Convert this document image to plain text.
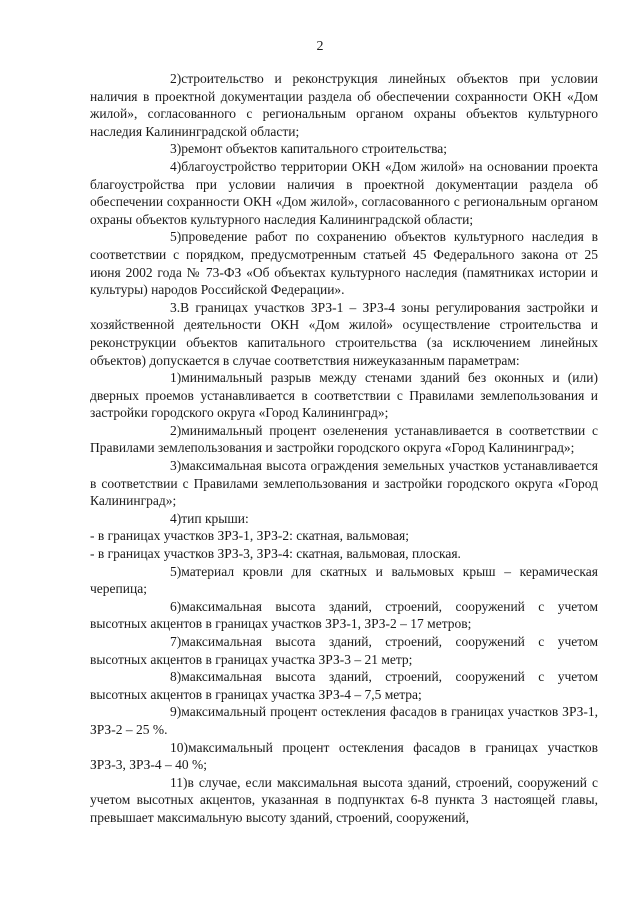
2

2)строительство и реконструкция линейных объектов при условии наличия в проектной документации раздела об обеспечении сохранности ОКН «Дом жилой», согласованного с региональным органом охраны объектов культурного наследия Калининградской области;

3)ремонт объектов капитального строительства;

4)благоустройство территории ОКН «Дом жилой» на основании проекта благоустройства при условии наличия в проектной документации раздела об обеспечении сохранности ОКН «Дом жилой», согласованного с региональным органом охраны объектов культурного наследия Калининградской области;

5)проведение работ по сохранению объектов культурного наследия в соответствии с порядком, предусмотренным статьей 45 Федерального закона от 25 июня 2002 года № 73-ФЗ «Об объектах культурного наследия (памятниках истории и культуры) народов Российской Федерации».

3.В границах участков ЗРЗ-1 – ЗРЗ-4 зоны регулирования застройки и хозяйственной деятельности ОКН «Дом жилой» осуществление строительства и реконструкции объектов капитального строительства (за исключением линейных объектов) допускается в случае соответствия нижеуказанным параметрам:

1)минимальный разрыв между стенами зданий без оконных и (или) дверных проемов устанавливается в соответствии с Правилами землепользования и застройки городского округа «Город Калининград»;

2)минимальный процент озеленения устанавливается в соответствии с Правилами землепользования и застройки городского округа «Город Калининград»;

3)максимальная высота ограждения земельных участков устанавливается в соответствии с Правилами землепользования и застройки городского округа «Город Калининград»;

4)тип крыши:

- в границах участков ЗРЗ-1, ЗРЗ-2: скатная, вальмовая;

- в границах участков ЗРЗ-3, ЗРЗ-4: скатная, вальмовая, плоская.

5)материал кровли для скатных и вальмовых крыш – керамическая черепица;

6)максимальная высота зданий, строений, сооружений с учетом высотных акцентов в границах участков ЗРЗ-1, ЗРЗ-2 – 17 метров;

7)максимальная высота зданий, строений, сооружений с учетом высотных акцентов в границах участка ЗРЗ-3 – 21 метр;

8)максимальная высота зданий, строений, сооружений с учетом высотных акцентов в границах участка ЗРЗ-4 – 7,5 метра;

9)максимальный процент остекления фасадов в границах участков ЗРЗ-1, ЗРЗ-2 – 25 %.

10)максимальный процент остекления фасадов в границах участков ЗРЗ-3, ЗРЗ-4 – 40 %;

11)в случае, если максимальная высота зданий, строений, сооружений с учетом высотных акцентов, указанная в подпунктах 6-8 пункта 3 настоящей главы, превышает максимальную высоту зданий, строений, сооружений,
